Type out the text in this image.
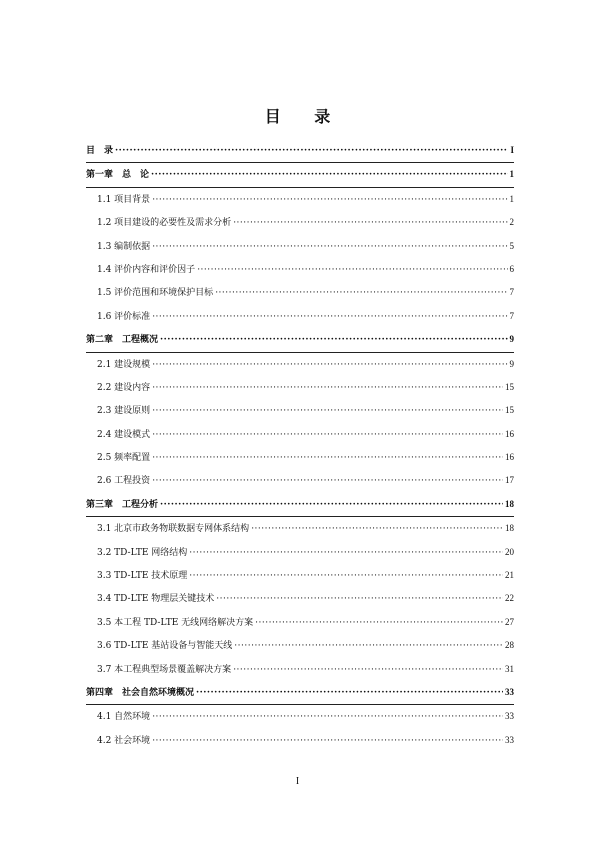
目 录
目　录 ·····	I
第一章　总　论 ·····	1
1.1 项目背景 ·····	1
1.2 项目建设的必要性及需求分析 ·····	2
1.3 编制依据 ·····	5
1.4 评价内容和评价因子 ·····	6
1.5 评价范围和环境保护目标 ·····	7
1.6 评价标准 ·····	7
第二章　工程概况 ·····	9
2.1 建设规模 ·····	9
2.2 建设内容 ·····	15
2.3 建设原则 ·····	15
2.4 建设模式 ·····	16
2.5 频率配置 ·····	16
2.6 工程投资 ·····	17
第三章　工程分析 ·····	18
3.1 北京市政务物联数据专网体系结构 ·····	18
3.2 TD-LTE 网络结构 ·····	20
3.3 TD-LTE 技术原理 ·····	21
3.4 TD-LTE 物理层关键技术 ·····	22
3.5 本工程 TD-LTE 无线网络解决方案 ·····	27
3.6 TD-LTE 基站设备与智能天线 ·····	28
3.7 本工程典型场景覆盖解决方案 ·····	31
第四章　社会自然环境概况 ·····	33
4.1 自然环境 ·····	33
4.2 社会环境 ·····	33
I
